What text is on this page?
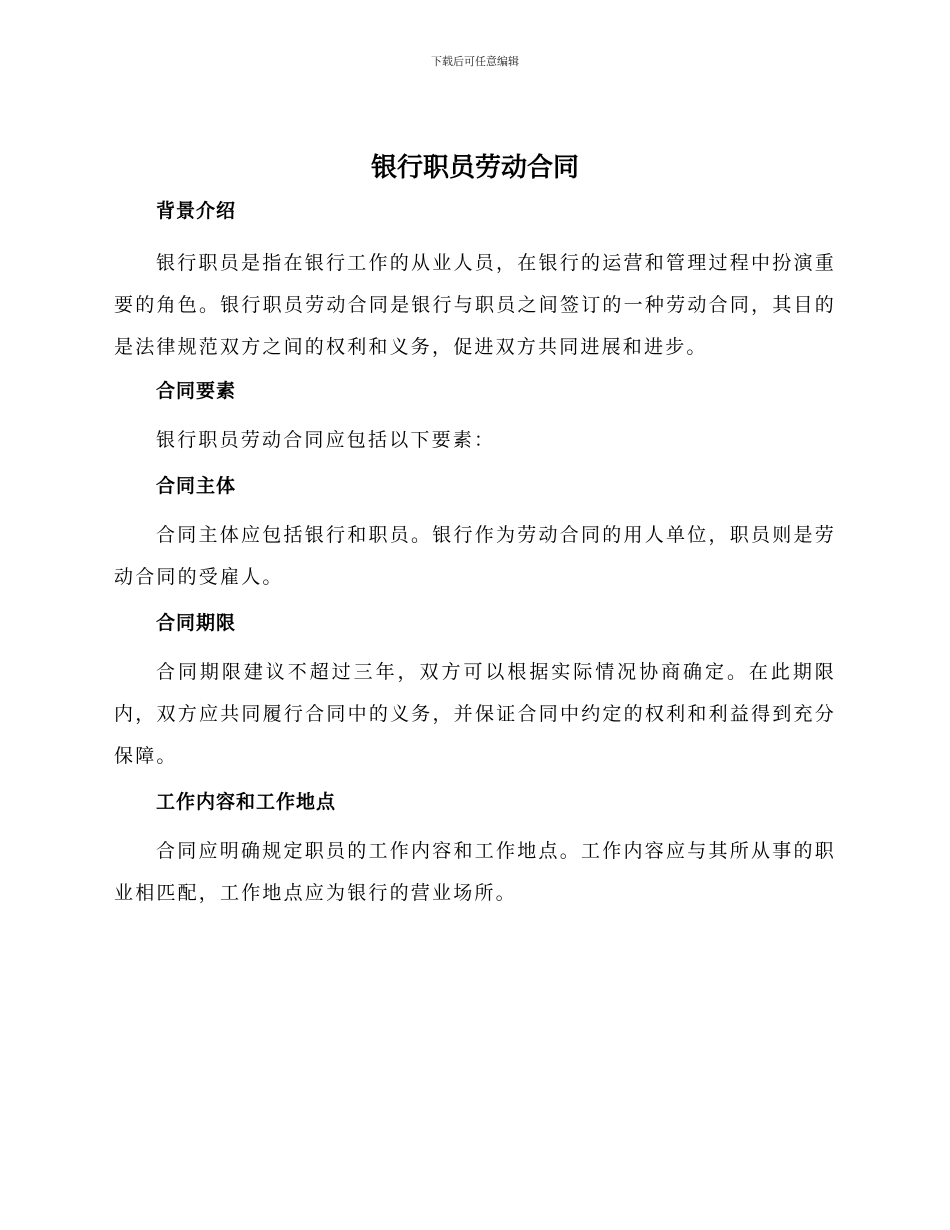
下载后可任意编辑
银行职员劳动合同
背景介绍

银行职员是指在银行工作的从业人员，在银行的运营和管理过程中扮演重要的角色。银行职员劳动合同是银行与职员之间签订的一种劳动合同，其目的是法律规范双方之间的权利和义务，促进双方共同进展和进步。

合同要素

银行职员劳动合同应包括以下要素：

合同主体

合同主体应包括银行和职员。银行作为劳动合同的用人单位，职员则是劳动合同的受雇人。

合同期限

合同期限建议不超过三年，双方可以根据实际情况协商确定。在此期限内，双方应共同履行合同中的义务，并保证合同中约定的权利和利益得到充分保障。

工作内容和工作地点

合同应明确规定职员的工作内容和工作地点。工作内容应与其所从事的职业相匹配，工作地点应为银行的营业场所。
